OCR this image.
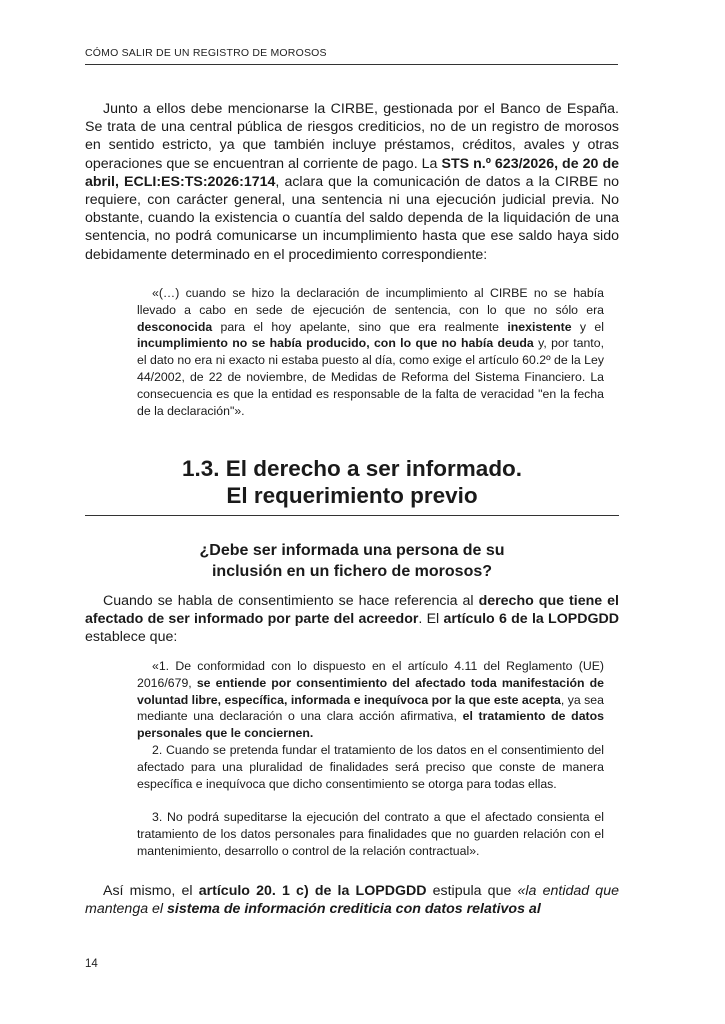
CÓMO SALIR DE UN REGISTRO DE MOROSOS

Junto a ellos debe mencionarse la CIRBE, gestionada por el Banco de España. Se trata de una central pública de riesgos crediticios, no de un registro de morosos en sentido estricto, ya que también incluye préstamos, créditos, avales y otras operaciones que se encuentran al corriente de pago. La STS n.º 623/2026, de 20 de abril, ECLI:ES:TS:2026:1714, aclara que la comunicación de datos a la CIRBE no requiere, con carácter general, una sentencia ni una ejecución judicial previa. No obstante, cuando la existencia o cuantía del saldo dependa de la liquidación de una sentencia, no podrá comunicarse un incumplimiento hasta que ese saldo haya sido debidamente determinado en el procedimiento correspondiente:

«(…) cuando se hizo la declaración de incumplimiento al CIRBE no se había llevado a cabo en sede de ejecución de sentencia, con lo que no sólo era desconocida para el hoy apelante, sino que era realmente inexistente y el incumplimiento no se había producido, con lo que no había deuda y, por tanto, el dato no era ni exacto ni estaba puesto al día, como exige el artículo 60.2º de la Ley 44/2002, de 22 de noviembre, de Medidas de Reforma del Sistema Financiero. La consecuencia es que la entidad es responsable de la falta de veracidad "en la fecha de la declaración"».

1.3. El derecho a ser informado.
El requerimiento previo
¿Debe ser informada una persona de su
inclusión en un fichero de morosos?

Cuando se habla de consentimiento se hace referencia al derecho que tiene el afectado de ser informado por parte del acreedor. El artículo 6 de la LOPDGDD establece que:

«1. De conformidad con lo dispuesto en el artículo 4.11 del Reglamento (UE) 2016/679, se entiende por consentimiento del afectado toda manifestación de voluntad libre, específica, informada e inequívoca por la que este acepta, ya sea mediante una declaración o una clara acción afirmativa, el tratamiento de datos personales que le conciernen.

2. Cuando se pretenda fundar el tratamiento de los datos en el consentimiento del afectado para una pluralidad de finalidades será preciso que conste de manera específica e inequívoca que dicho consentimiento se otorga para todas ellas.

3. No podrá supeditarse la ejecución del contrato a que el afectado consienta el tratamiento de los datos personales para finalidades que no guarden relación con el mantenimiento, desarrollo o control de la relación contractual».

Así mismo, el artículo 20. 1 c) de la LOPDGDD estipula que «la entidad que mantenga el sistema de información crediticia con datos relativos al

14
